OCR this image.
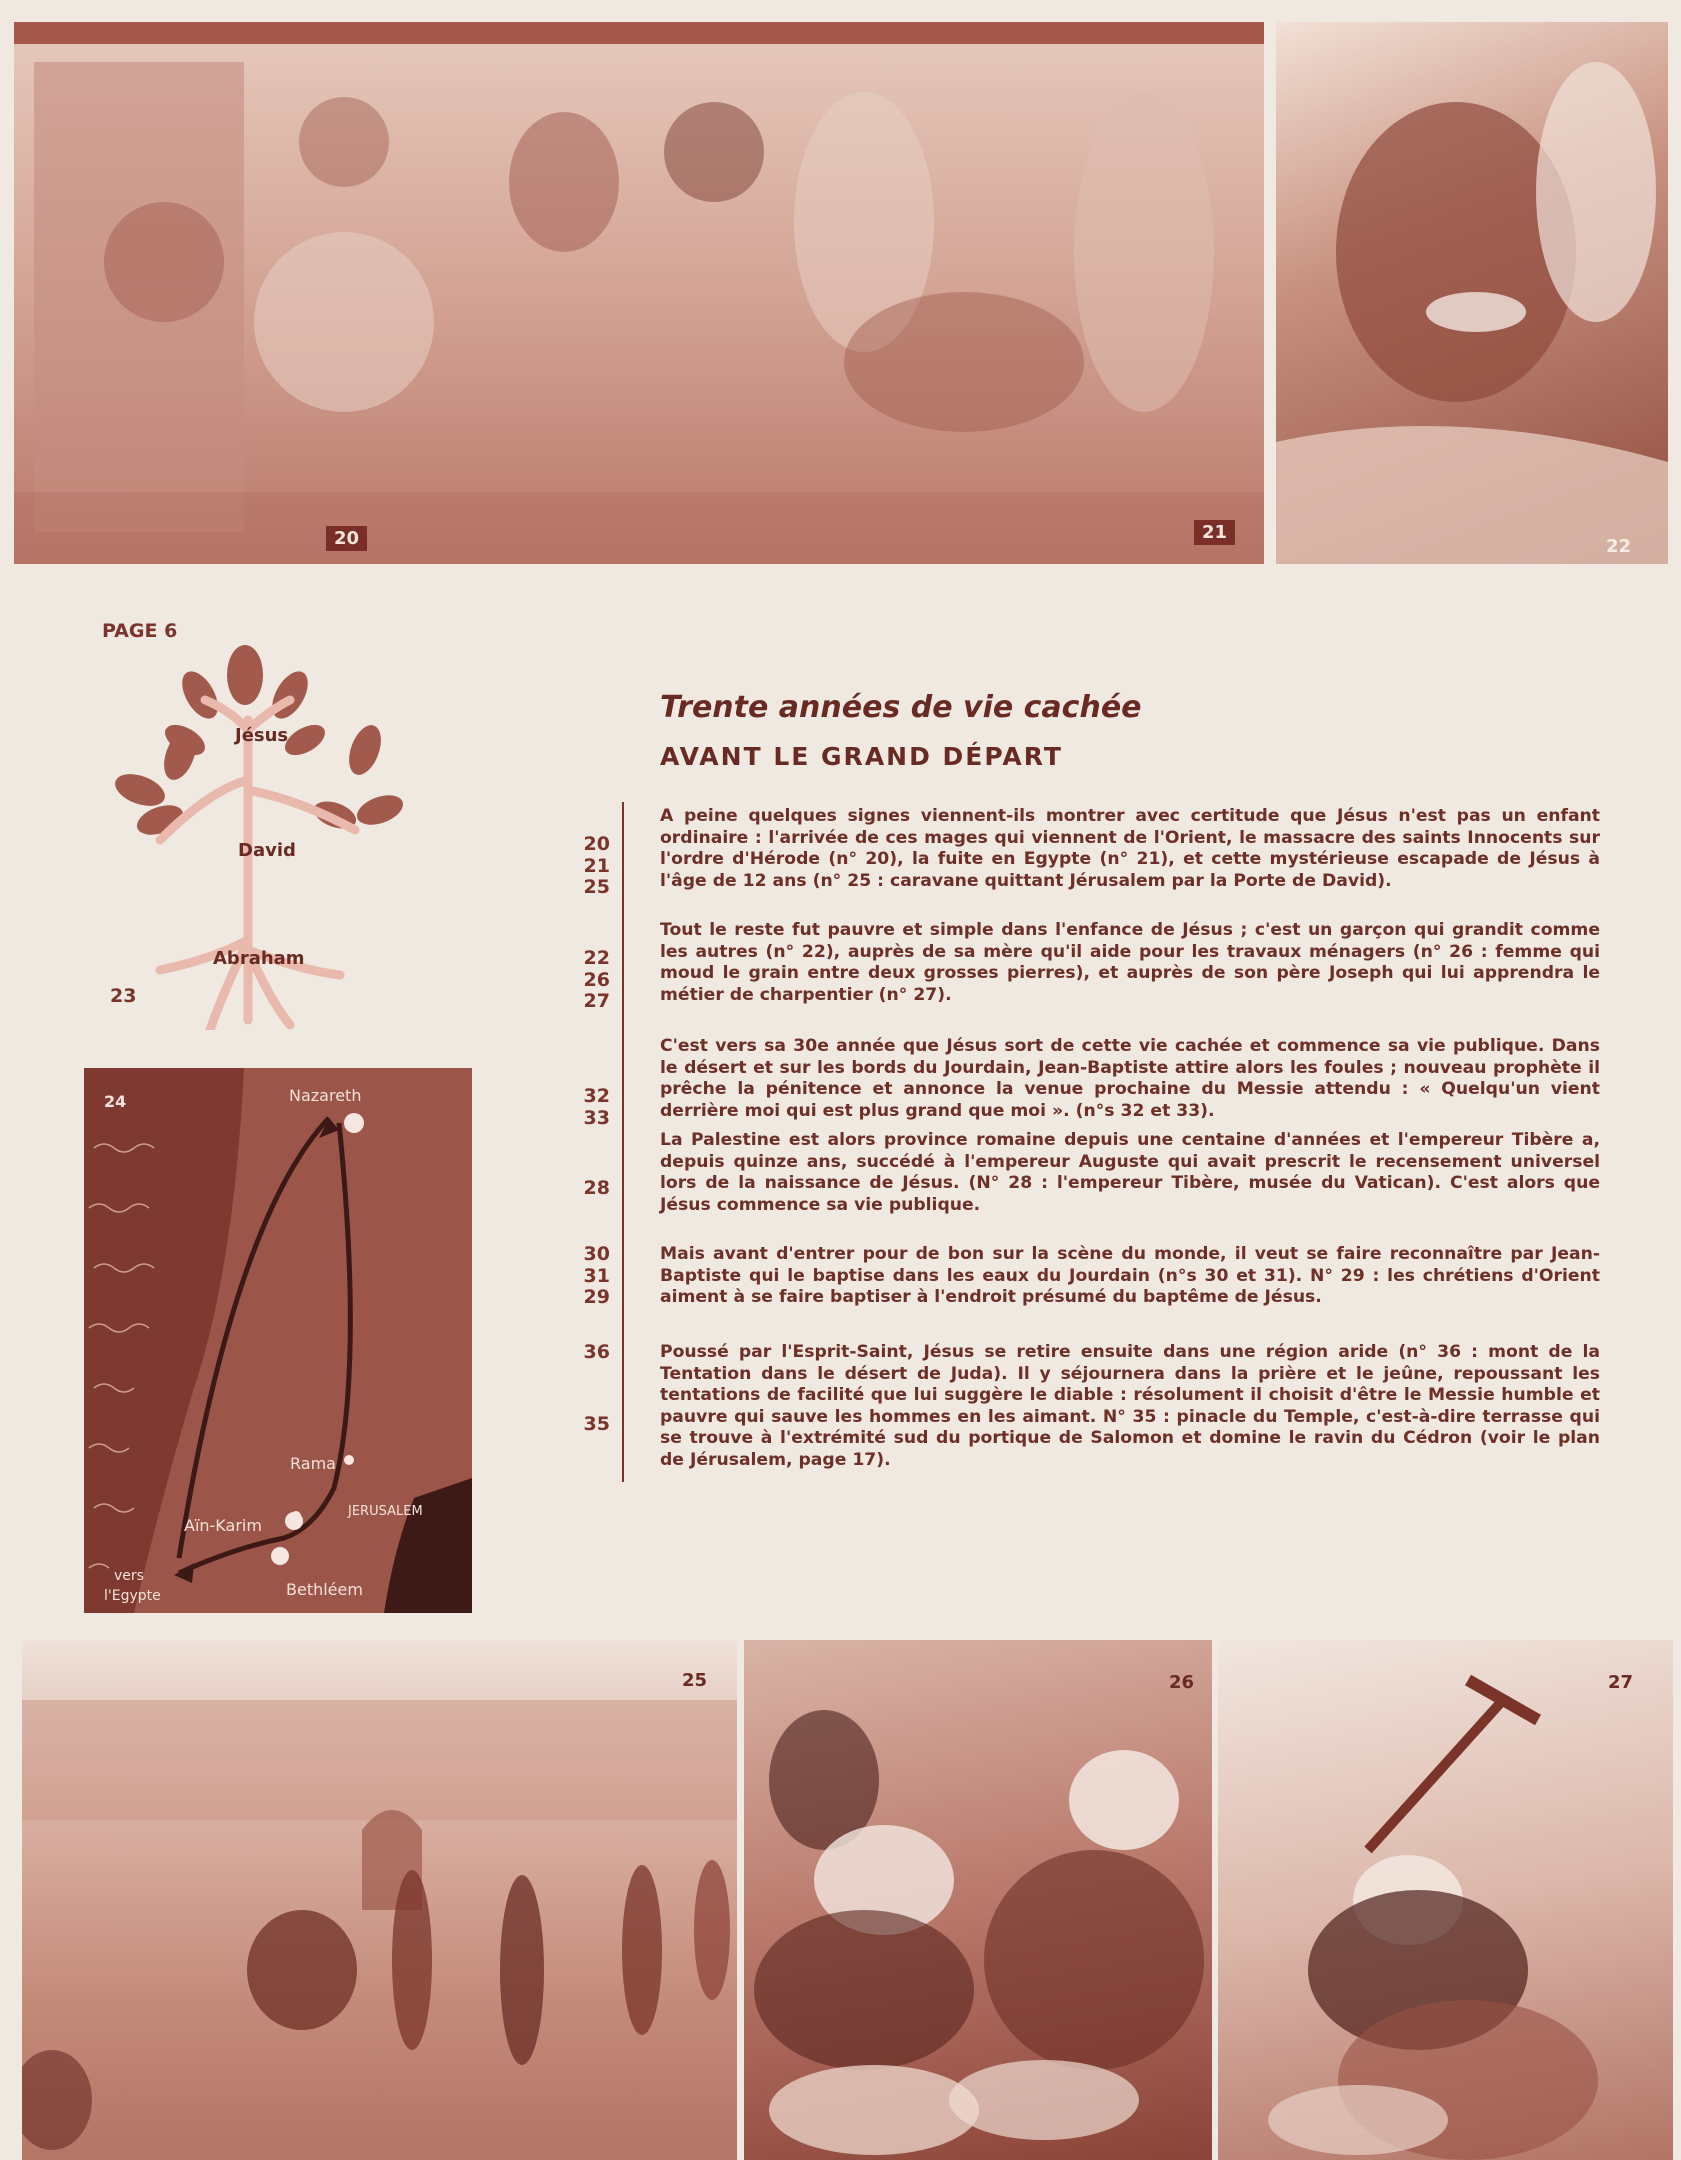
20	21
22
PAGE 6
Jésus
David
Abraham
23
24	Nazareth
Rama
Aïn-Karim
JERUSALEM
Bethléem
vers
l'Egypte
Trente années de vie cachée
AVANT LE GRAND DÉPART
20
21
25
A peine quelques signes viennent-ils montrer avec certitude que Jésus n'est pas un enfant ordinaire : l'arrivée de ces mages qui viennent de l'Orient, le massacre des saints Innocents sur l'ordre d'Hérode (n° 20), la fuite en Egypte (n° 21), et cette mystérieuse escapade de Jésus à l'âge de 12 ans (n° 25 : caravane quittant Jérusalem par la Porte de David).
22
26
27
Tout le reste fut pauvre et simple dans l'enfance de Jésus ; c'est un garçon qui grandit comme les autres (n° 22), auprès de sa mère qu'il aide pour les travaux ménagers (n° 26 : femme qui moud le grain entre deux grosses pierres), et auprès de son père Joseph qui lui apprendra le métier de charpentier (n° 27).
32
33
C'est vers sa 30e année que Jésus sort de cette vie cachée et commence sa vie publique. Dans le désert et sur les bords du Jourdain, Jean-Baptiste attire alors les foules ; nouveau prophète il prêche la pénitence et annonce la venue prochaine du Messie attendu : « Quelqu'un vient derrière moi qui est plus grand que moi ». (n°s 32 et 33).
28
La Palestine est alors province romaine depuis une centaine d'années et l'empereur Tibère a, depuis quinze ans, succédé à l'empereur Auguste qui avait prescrit le recensement universel lors de la naissance de Jésus. (N° 28 : l'empereur Tibère, musée du Vatican). C'est alors que Jésus commence sa vie publique.
30
31
29
Mais avant d'entrer pour de bon sur la scène du monde, il veut se faire reconnaître par Jean-Baptiste qui le baptise dans les eaux du Jourdain (n°s 30 et 31). N° 29 : les chrétiens d'Orient aiment à se faire baptiser à l'endroit présumé du baptême de Jésus.
36
35
Poussé par l'Esprit-Saint, Jésus se retire ensuite dans une région aride (n° 36 : mont de la Tentation dans le désert de Juda). Il y séjournera dans la prière et le jeûne, repoussant les tentations de facilité que lui suggère le diable : résolument il choisit d'être le Messie humble et pauvre qui sauve les hommes en les aimant. N° 35 : pinacle du Temple, c'est-à-dire terrasse qui se trouve à l'extrémité sud du portique de Salomon et domine le ravin du Cédron (voir le plan de Jérusalem, page 17).
25	26	27
